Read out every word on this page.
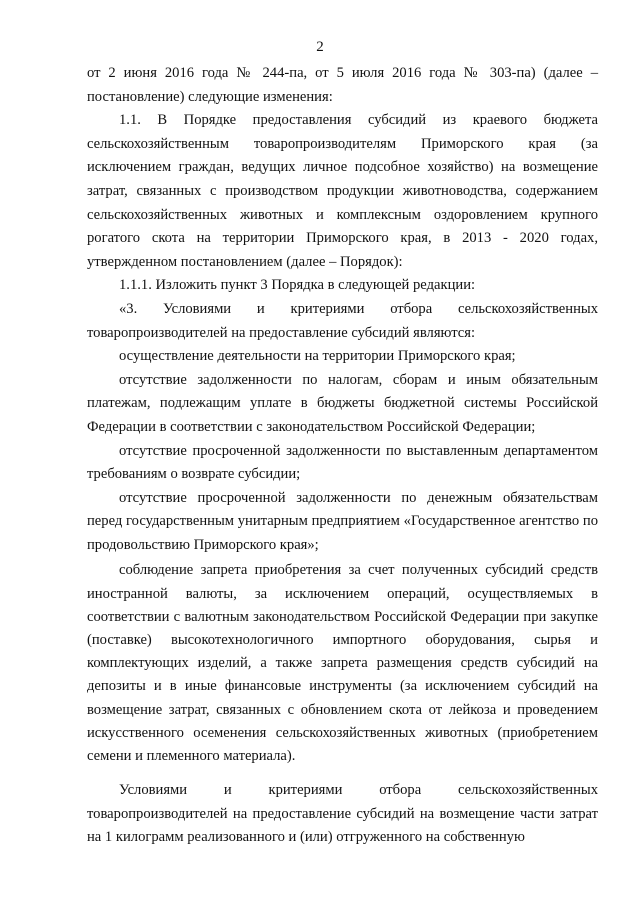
2

от 2 июня 2016 года № 244-па, от 5 июля 2016 года № 303-па) (далее – постановление) следующие изменения:

1.1. В Порядке предоставления субсидий из краевого бюджета сельскохозяйственным товаропроизводителям Приморского края (за исключением граждан, ведущих личное подсобное хозяйство) на возмещение затрат, связанных с производством продукции животноводства, содержанием сельскохозяйственных животных и комплексным оздоровлением крупного рогатого скота на территории Приморского края, в 2013 - 2020 годах, утвержденном постановлением (далее – Порядок):

1.1.1. Изложить пункт 3 Порядка в следующей редакции:

«3. Условиями и критериями отбора сельскохозяйственных товаропроизводителей на предоставление субсидий являются:

осуществление деятельности на территории Приморского края;

отсутствие задолженности по налогам, сборам и иным обязательным платежам, подлежащим уплате в бюджеты бюджетной системы Российской Федерации в соответствии с законодательством Российской Федерации;

отсутствие просроченной задолженности по выставленным департаментом требованиям о возврате субсидии;

отсутствие просроченной задолженности по денежным обязательствам перед государственным унитарным предприятием «Государственное агентство по продовольствию Приморского края»;

соблюдение запрета приобретения за счет полученных субсидий средств иностранной валюты, за исключением операций, осуществляемых в соответствии с валютным законодательством Российской Федерации при закупке (поставке) высокотехнологичного импортного оборудования, сырья и комплектующих изделий, а также запрета размещения средств субсидий на депозиты и в иные финансовые инструменты (за исключением субсидий на возмещение затрат, связанных с обновлением скота от лейкоза и проведением искусственного осеменения сельскохозяйственных животных (приобретением семени и племенного материала).

Условиями и критериями отбора сельскохозяйственных товаропроизводителей на предоставление субсидий на возмещение части затрат на 1 килограмм реализованного и (или) отгруженного на собственную
